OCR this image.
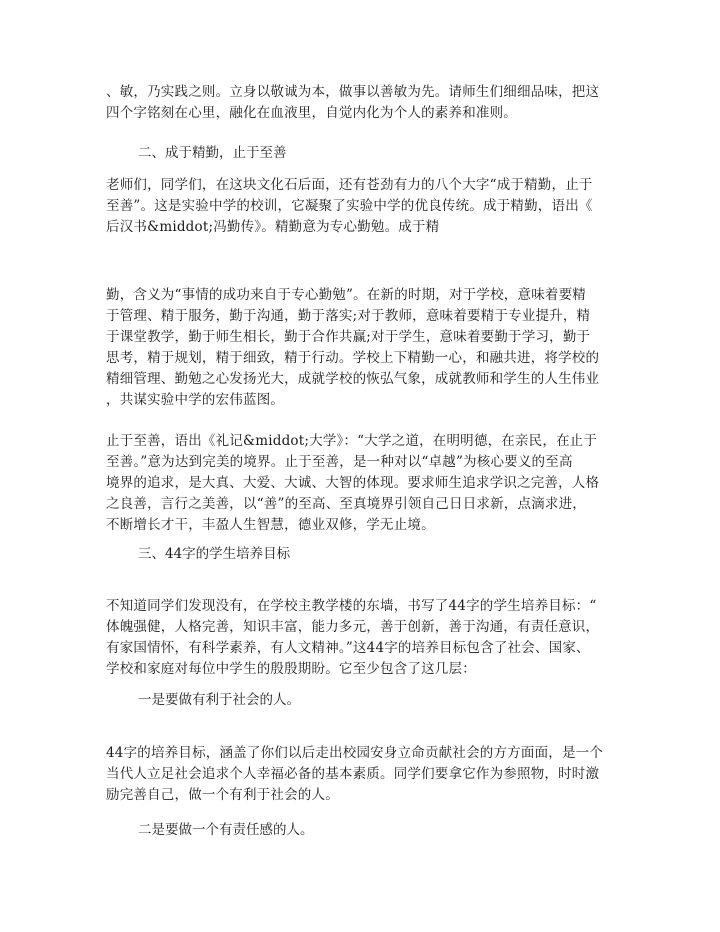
、敏，乃实践之则。立身以敬诚为本，做事以善敏为先。请师生们细细品味，把这
四个字铭刻在心里，融化在血液里，自觉内化为个人的素养和准则。

二、成于精勤，止于至善

老师们，同学们，在这块文化石后面，还有苍劲有力的八个大字“成于精勤，止于
至善”。这是实验中学的校训，它凝聚了实验中学的优良传统。成于精勤，语出《
后汉书&middot;冯勤传》。精勤意为专心勤勉。成于精

勤，含义为“事情的成功来自于专心勤勉”。在新的时期，对于学校，意味着要精
于管理、精于服务，勤于沟通，勤于落实;对于教师，意味着要精于专业提升，精
于课堂教学，勤于师生相长，勤于合作共赢;对于学生，意味着要勤于学习，勤于
思考，精于规划，精于细致，精于行动。学校上下精勤一心，和融共进，将学校的
精细管理、勤勉之心发扬光大，成就学校的恢弘气象，成就教师和学生的人生伟业
，共谋实验中学的宏伟蓝图。

止于至善，语出《礼记&middot;大学》：“大学之道，在明明德，在亲民，在止于
至善。”意为达到完美的境界。止于至善，是一种对以“卓越”为核心要义的至高
境界的追求，是大真、大爱、大诚、大智的体现。要求师生追求学识之完善，人格
之良善，言行之美善，以“善”的至高、至真境界引领自己日日求新，点滴求进，
不断增长才干，丰盈人生智慧，德业双修，学无止境。

三、44字的学生培养目标

不知道同学们发现没有，在学校主教学楼的东墙，书写了44字的学生培养目标：“
体魄强健，人格完善，知识丰富，能力多元，善于创新，善于沟通，有责任意识，
有家国情怀，有科学素养，有人文精神。”这44字的培养目标包含了社会、国家、
学校和家庭对每位中学生的殷殷期盼。它至少包含了这几层：

一是要做有利于社会的人。

44字的培养目标，涵盖了你们以后走出校园安身立命贡献社会的方方面面，是一个
当代人立足社会追求个人幸福必备的基本素质。同学们要拿它作为参照物，时时激
励完善自己，做一个有利于社会的人。

二是要做一个有责任感的人。
